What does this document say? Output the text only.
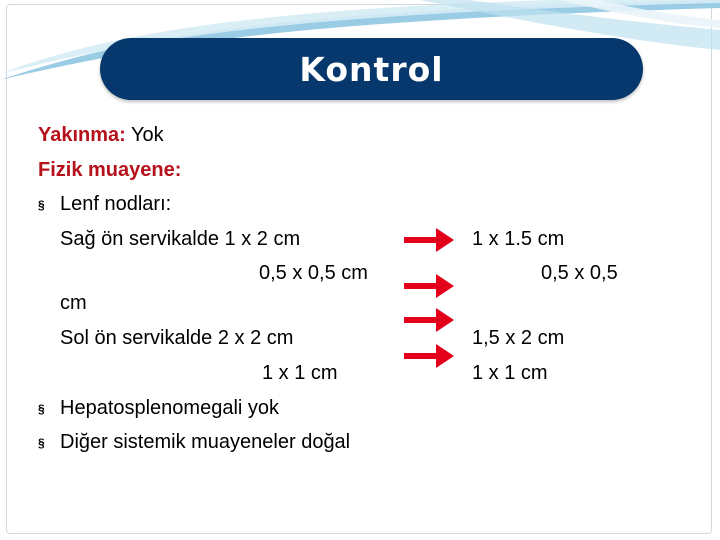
Kontrol
Yakınma: Yok
Fizik muayene:
§
Lenf nodları:
Sağ ön servikalde 1 x 2 cm
0,5 x 0,5 cm
cm
Sol ön servikalde 2 x 2 cm
1 x 1 cm
§
Hepatosplenomegali yok
§
Diğer sistemik muayeneler doğal
1 x 1.5 cm
0,5 x 0,5
1,5 x 2 cm
1 x 1 cm
